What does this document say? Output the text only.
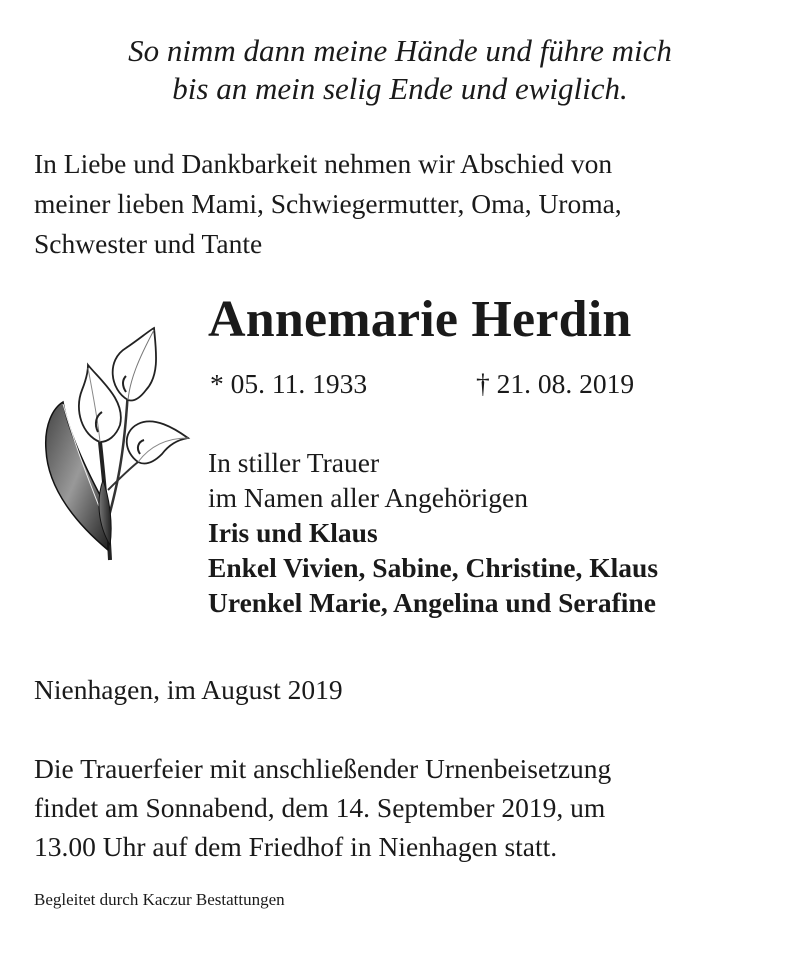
So nimm dann meine Hände und führe mich
bis an mein selig Ende und ewiglich.
In Liebe und Dankbarkeit nehmen wir Abschied von
meiner lieben Mami, Schwiegermutter, Oma, Uroma,
Schwester und Tante
Annemarie Herdin
* 05. 11. 1933	† 21. 08. 2019
In stiller Trauer
im Namen aller Angehörigen
Iris und Klaus
Enkel Vivien, Sabine, Christine, Klaus
Urenkel Marie, Angelina und Serafine
Nienhagen, im August 2019
Die Trauerfeier mit anschließender Urnenbeisetzung
findet am Sonnabend, dem 14. September 2019, um
13.00 Uhr auf dem Friedhof in Nienhagen statt.
Begleitet durch Kaczur Bestattungen
